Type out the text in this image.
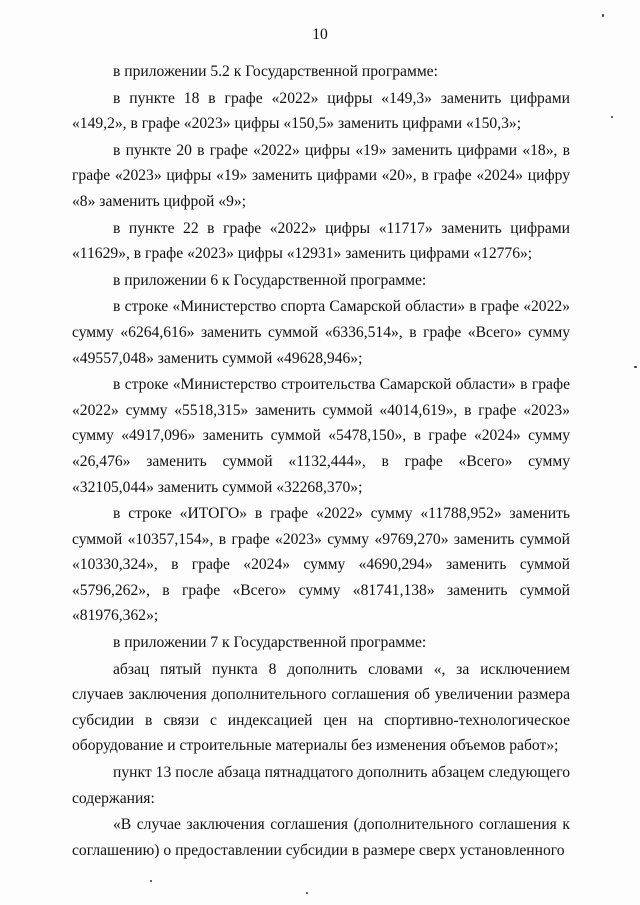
10

в приложении 5.2 к Государственной программе:

в пункте 18 в графе «2022» цифры «149,3» заменить цифрами «149,2», в графе «2023» цифры «150,5» заменить цифрами «150,3»;

в пункте 20 в графе «2022» цифры «19» заменить цифрами «18», в графе «2023» цифры «19» заменить цифрами «20», в графе «2024» цифру «8» заменить цифрой «9»;

в пункте 22 в графе «2022» цифры «11717» заменить цифрами «11629», в графе «2023» цифры «12931» заменить цифрами «12776»;

в приложении 6 к Государственной программе:

в строке «Министерство спорта Самарской области» в графе «2022» сумму «6264,616» заменить суммой «6336,514», в графе «Всего» сумму «49557,048» заменить суммой «49628,946»;

в строке «Министерство строительства Самарской области» в графе «2022» сумму «5518,315» заменить суммой «4014,619», в графе «2023» сумму «4917,096» заменить суммой «5478,150», в графе «2024» сумму «26,476» заменить суммой «1132,444», в графе «Всего» сумму «32105,044» заменить суммой «32268,370»;

в строке «ИТОГО» в графе «2022» сумму «11788,952» заменить суммой «10357,154», в графе «2023» сумму «9769,270» заменить суммой «10330,324», в графе «2024» сумму «4690,294» заменить суммой «5796,262», в графе «Всего» сумму «81741,138» заменить суммой «81976,362»;

в приложении 7 к Государственной программе:

абзац пятый пункта 8 дополнить словами «, за исключением случаев заключения дополнительного соглашения об увеличении размера субсидии в связи с индексацией цен на спортивно-технологическое оборудование и строительные материалы без изменения объемов работ»;

пункт 13 после абзаца пятнадцатого дополнить абзацем следующего содержания:

«В случае заключения соглашения (дополнительного соглашения к соглашению) о предоставлении субсидии в размере сверх установленного
